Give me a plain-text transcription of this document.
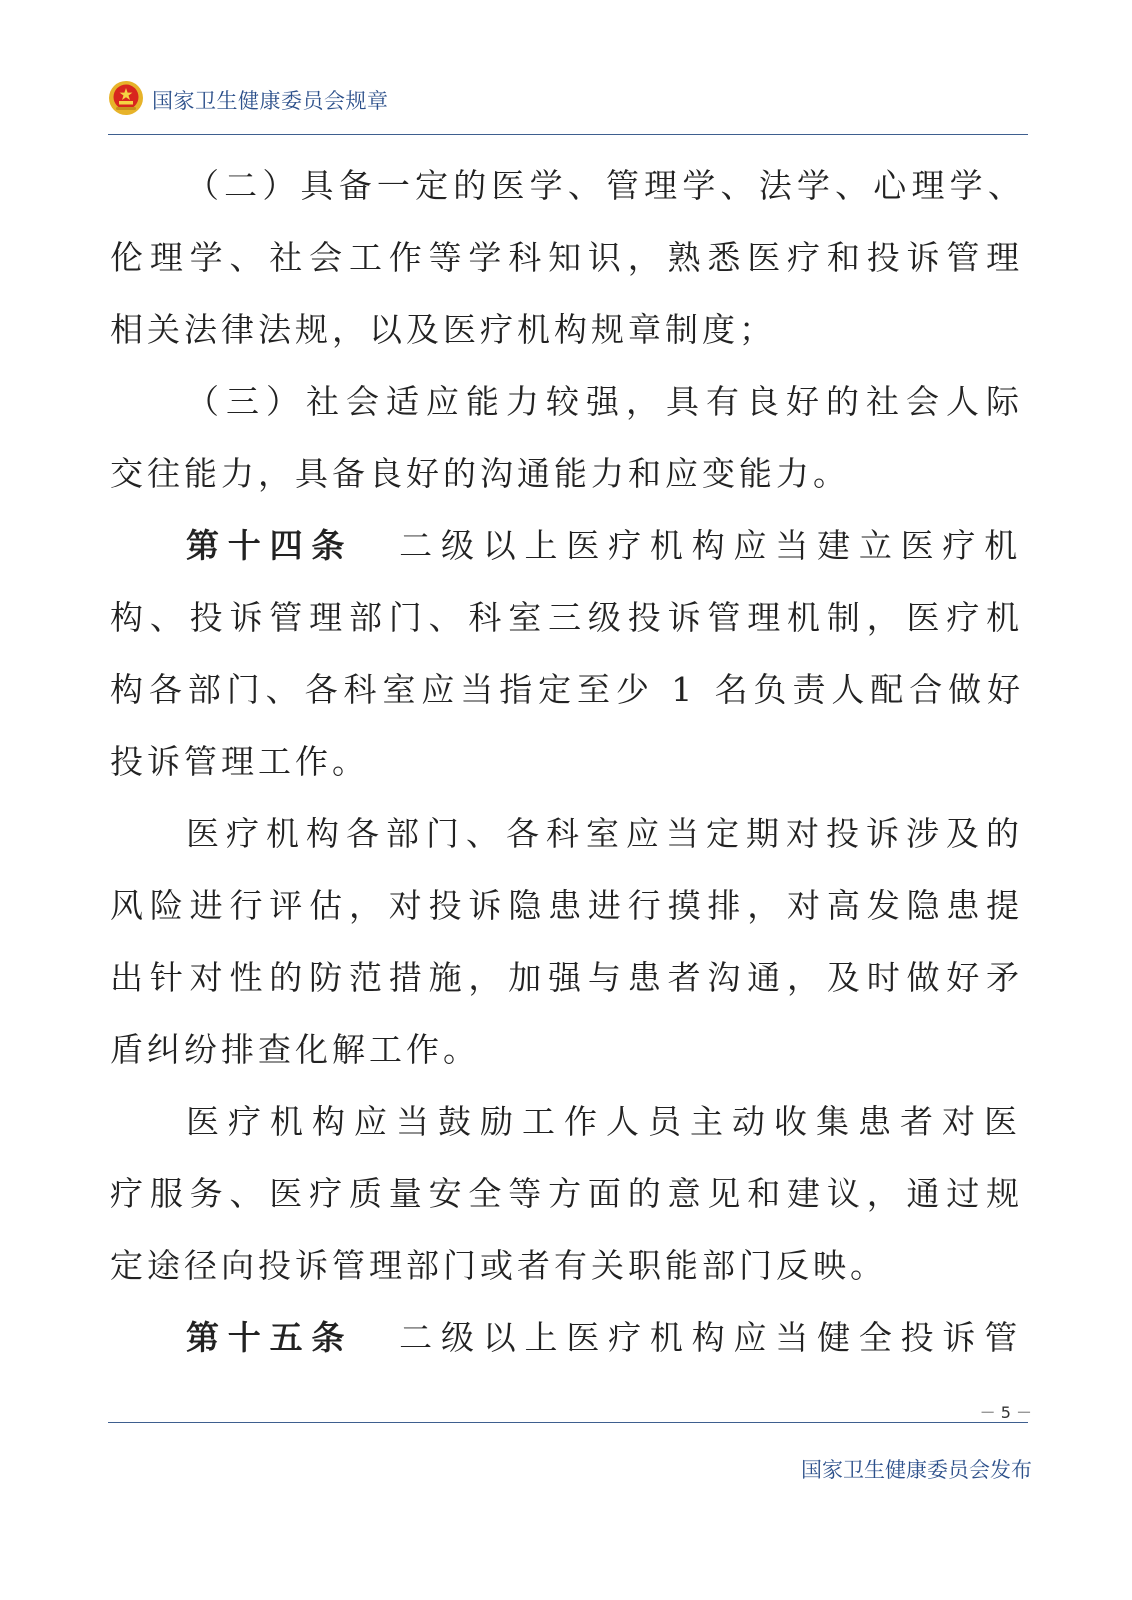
国家卫生健康委员会规章
（二）具备一定的医学、管理学、法学、心理学、
伦理学、社会工作等学科知识，熟悉医疗和投诉管理
相关法律法规，以及医疗机构规章制度；
（三）社会适应能力较强，具有良好的社会人际
交往能力，具备良好的沟通能力和应变能力。
第十四条 二级以上医疗机构应当建立医疗机
构、投诉管理部门、科室三级投诉管理机制，医疗机
构各部门、各科室应当指定至少 1 名负责人配合做好
投诉管理工作。
医疗机构各部门、各科室应当定期对投诉涉及的
风险进行评估，对投诉隐患进行摸排，对高发隐患提
出针对性的防范措施，加强与患者沟通，及时做好矛
盾纠纷排查化解工作。
医疗机构应当鼓励工作人员主动收集患者对医
疗服务、医疗质量安全等方面的意见和建议，通过规
定途径向投诉管理部门或者有关职能部门反映。
第十五条 二级以上医疗机构应当健全投诉管
－ 5 －
国家卫生健康委员会发布
